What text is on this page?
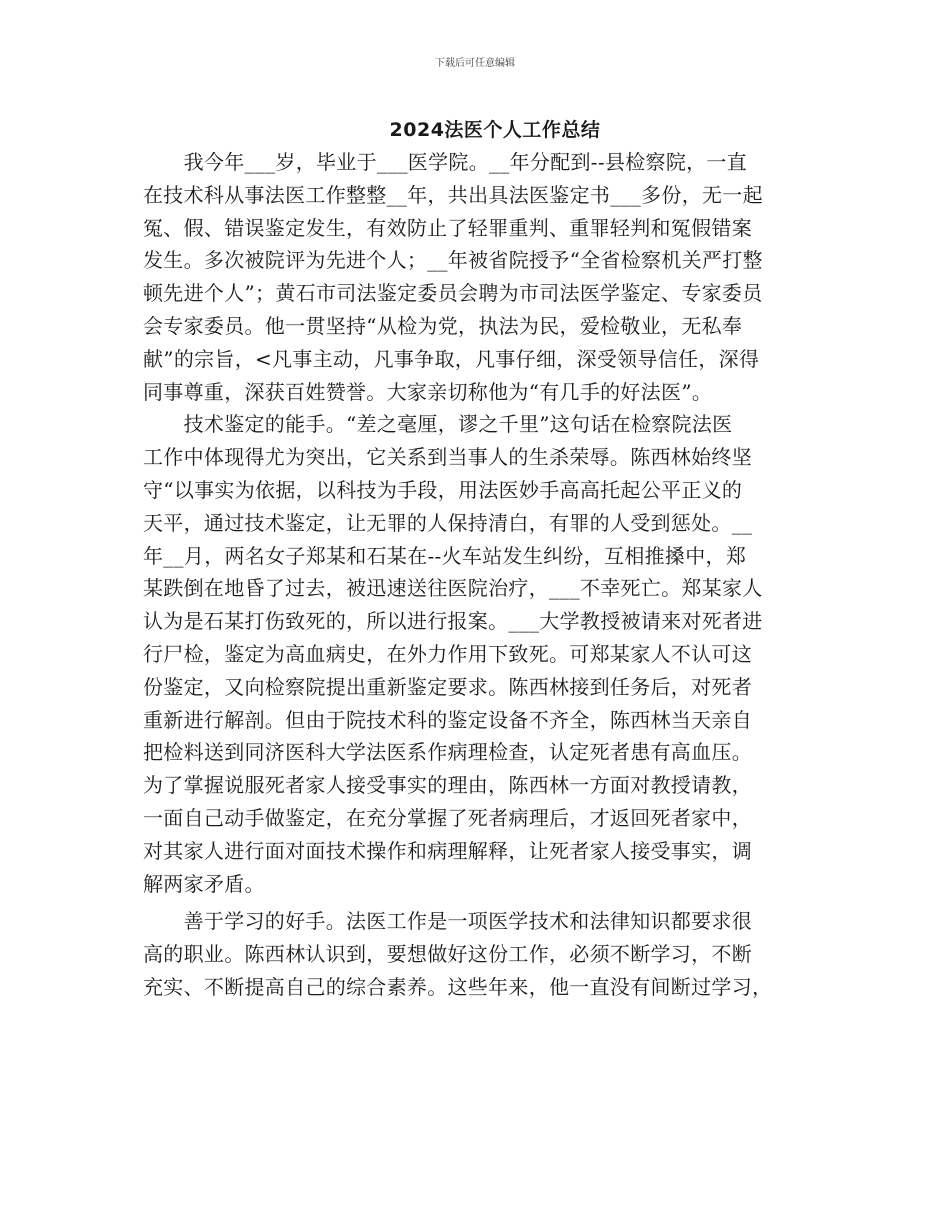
下载后可任意编辑
2024法医个人工作总结
　　我今年___岁，毕业于___医学院。__年分配到--县检察院，一直
在技术科从事法医工作整整__年，共出具法医鉴定书___多份，无一起
冤、假、错误鉴定发生，有效防止了轻罪重判、重罪轻判和冤假错案
发生。多次被院评为先进个人；__年被省院授予“全省检察机关严打整
顿先进个人”；黄石市司法鉴定委员会聘为市司法医学鉴定、专家委员
会专家委员。他一贯坚持“从检为党，执法为民，爱检敬业，无私奉
献”的宗旨，<凡事主动，凡事争取，凡事仔细，深受领导信任，深得
同事尊重，深获百姓赞誉。大家亲切称他为“有几手的好法医”。
　　技术鉴定的能手。“差之毫厘，谬之千里”这句话在检察院法医
工作中体现得尤为突出，它关系到当事人的生杀荣辱。陈西林始终坚
守“以事实为依据，以科技为手段，用法医妙手高高托起公平正义的
天平，通过技术鉴定，让无罪的人保持清白，有罪的人受到惩处。__
年__月，两名女子郑某和石某在--火车站发生纠纷，互相推搡中，郑
某跌倒在地昏了过去，被迅速送往医院治疗，___不幸死亡。郑某家人
认为是石某打伤致死的，所以进行报案。___大学教授被请来对死者进
行尸检，鉴定为高血病史，在外力作用下致死。可郑某家人不认可这
份鉴定，又向检察院提出重新鉴定要求。陈西林接到任务后，对死者
重新进行解剖。但由于院技术科的鉴定设备不齐全，陈西林当天亲自
把检料送到同济医科大学法医系作病理检查，认定死者患有高血压。
为了掌握说服死者家人接受事实的理由，陈西林一方面对教授请教，
一面自己动手做鉴定，在充分掌握了死者病理后，才返回死者家中，
对其家人进行面对面技术操作和病理解释，让死者家人接受事实，调
解两家矛盾。
　　善于学习的好手。法医工作是一项医学技术和法律知识都要求很
高的职业。陈西林认识到，要想做好这份工作，必须不断学习，不断
充实、不断提高自己的综合素养。这些年来，他一直没有间断过学习，
